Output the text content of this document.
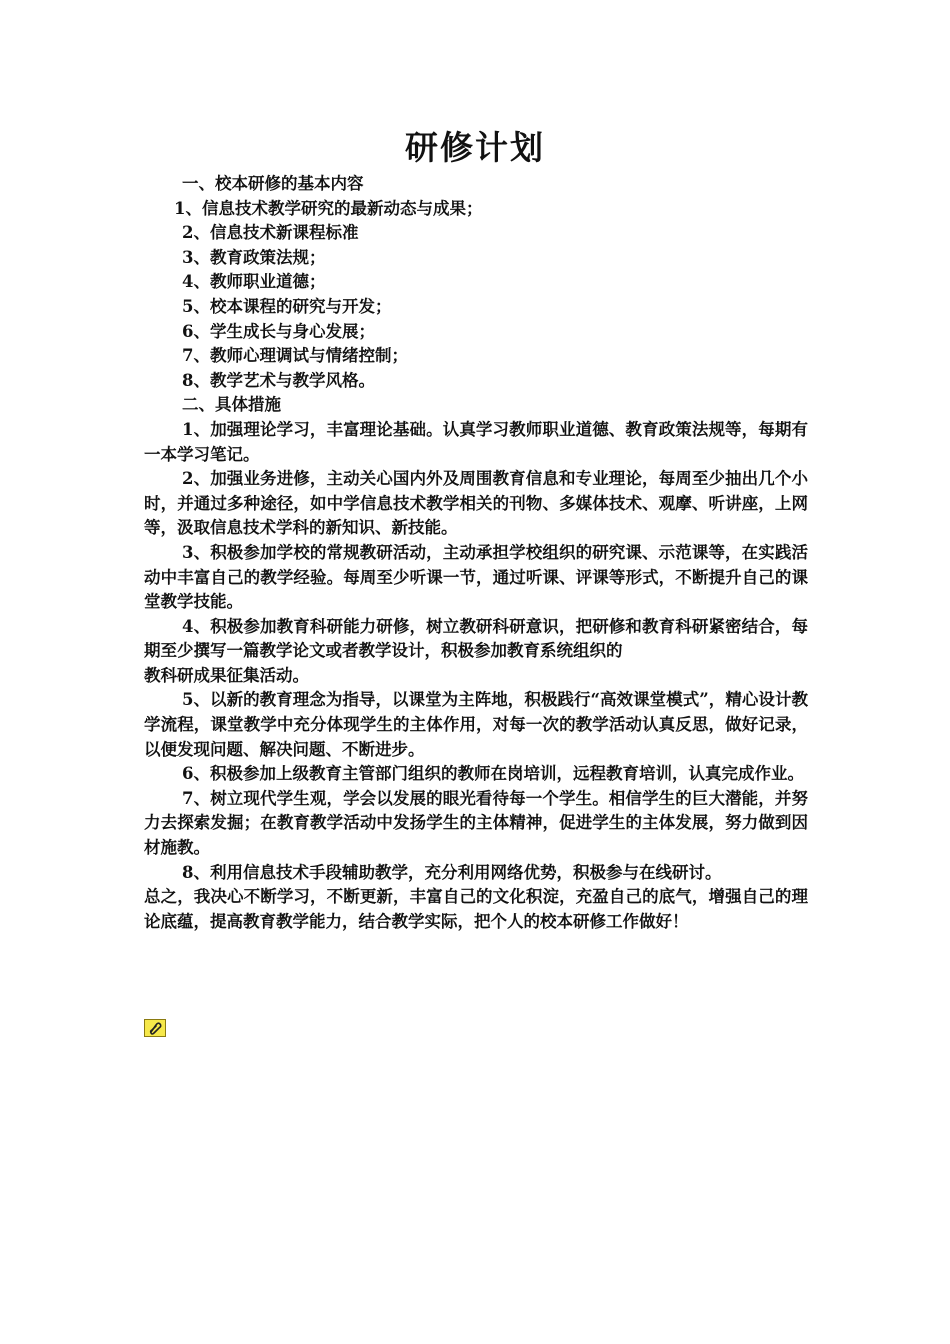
研修计划
一、校本研修的基本内容
1、信息技术教学研究的最新动态与成果；
2、信息技术新课程标准
3、教育政策法规；
4、教师职业道德；
5、校本课程的研究与开发；
6、学生成长与身心发展；
7、教师心理调试与情绪控制；
8、教学艺术与教学风格。
二、具体措施
1、加强理论学习，丰富理论基础。认真学习教师职业道德、教育政策法规等，每期有一本学习笔记。
2、加强业务进修，主动关心国内外及周围教育信息和专业理论，每周至少抽出几个小时，并通过多种途径，如中学信息技术教学相关的刊物、多媒体技术、观摩、听讲座，上网等，汲取信息技术学科的新知识、新技能。
3、积极参加学校的常规教研活动，主动承担学校组织的研究课、示范课等，在实践活动中丰富自己的教学经验。每周至少听课一节，通过听课、评课等形式，不断提升自己的课堂教学技能。
4、积极参加教育科研能力研修，树立教研科研意识，把研修和教育科研紧密结合，每期至少撰写一篇教学论文或者教学设计，积极参加教育系统组织的
教科研成果征集活动。
5、以新的教育理念为指导，以课堂为主阵地，积极践行“高效课堂模式”，精心设计教学流程，课堂教学中充分体现学生的主体作用，对每一次的教学活动认真反思，做好记录，以便发现问题、解决问题、不断进步。
6、积极参加上级教育主管部门组织的教师在岗培训，远程教育培训，认真完成作业。
7、树立现代学生观，学会以发展的眼光看待每一个学生。相信学生的巨大潜能，并努力去探索发掘；在教育教学活动中发扬学生的主体精神，促进学生的主体发展，努力做到因材施教。
8、利用信息技术手段辅助教学，充分利用网络优势，积极参与在线研讨。
总之，我决心不断学习，不断更新，丰富自己的文化积淀，充盈自己的底气，增强自己的理论底蕴，提高教育教学能力，结合教学实际，把个人的校本研修工作做好！
